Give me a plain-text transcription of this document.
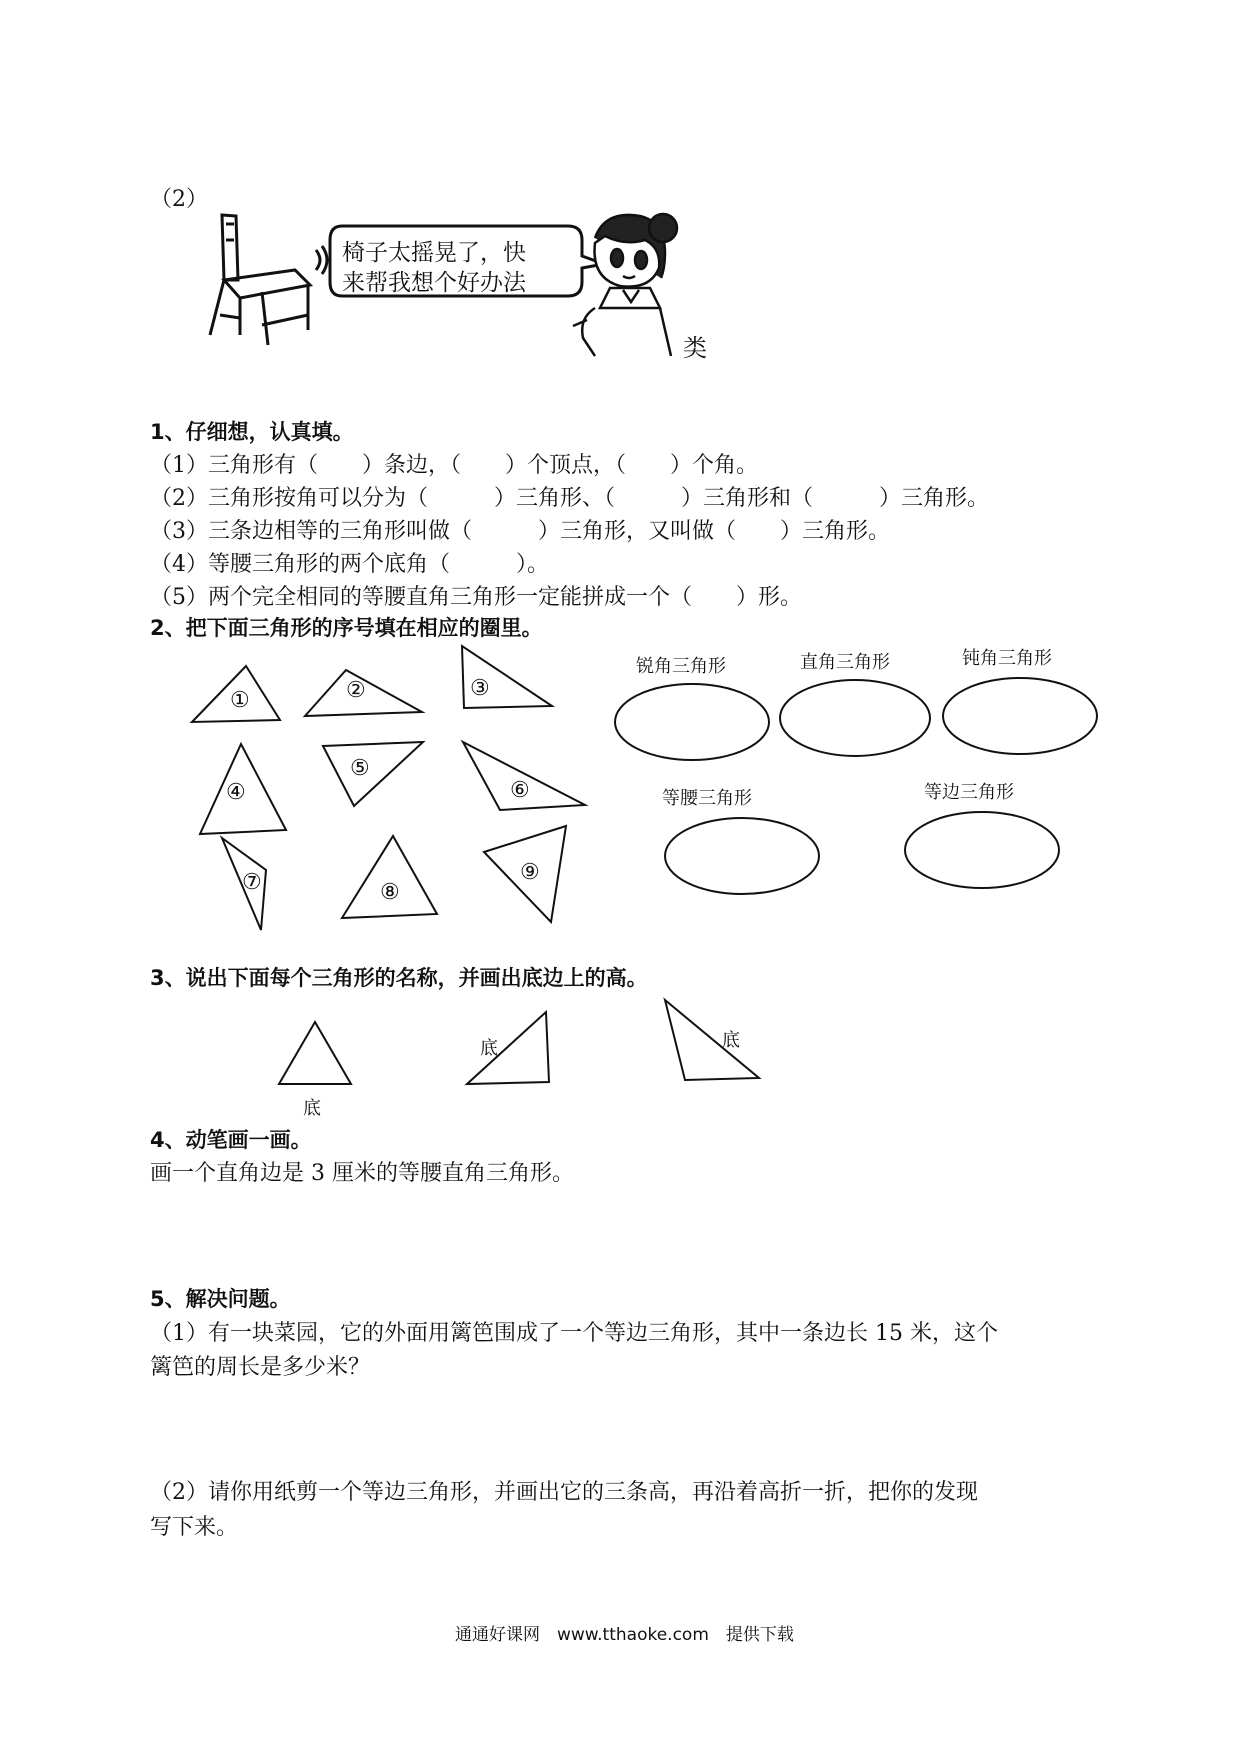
（2）
椅子太摇晃了，快
来帮我想个好办法
类
1、仔细想，认真填。
（1）三角形有（　　）条边，（　　）个顶点，（　　）个角。
（2）三角形按角可以分为（　　　）三角形、（　　　）三角形和（　　　）三角形。
（3）三条边相等的三角形叫做（　　　）三角形，又叫做（　　）三角形。
（4）等腰三角形的两个底角（　　　）。
（5）两个完全相同的等腰直角三角形一定能拼成一个（　　）形。
2、把下面三角形的序号填在相应的圈里。
①	②	③
④
⑤
⑥
⑦	⑧
⑨
锐角三角形	直角三角形	钝角三角形
等腰三角形	等边三角形
3、说出下面每个三角形的名称，并画出底边上的高。
底
底	底
4、动笔画一画。
画一个直角边是 3 厘米的等腰直角三角形。
5、解决问题。
（1）有一块菜园，它的外面用篱笆围成了一个等边三角形，其中一条边长 15 米，这个
篱笆的周长是多少米？
（2）请你用纸剪一个等边三角形，并画出它的三条高，再沿着高折一折，把你的发现
写下来。
通通好课网　www.tthaoke.com　提供下载
